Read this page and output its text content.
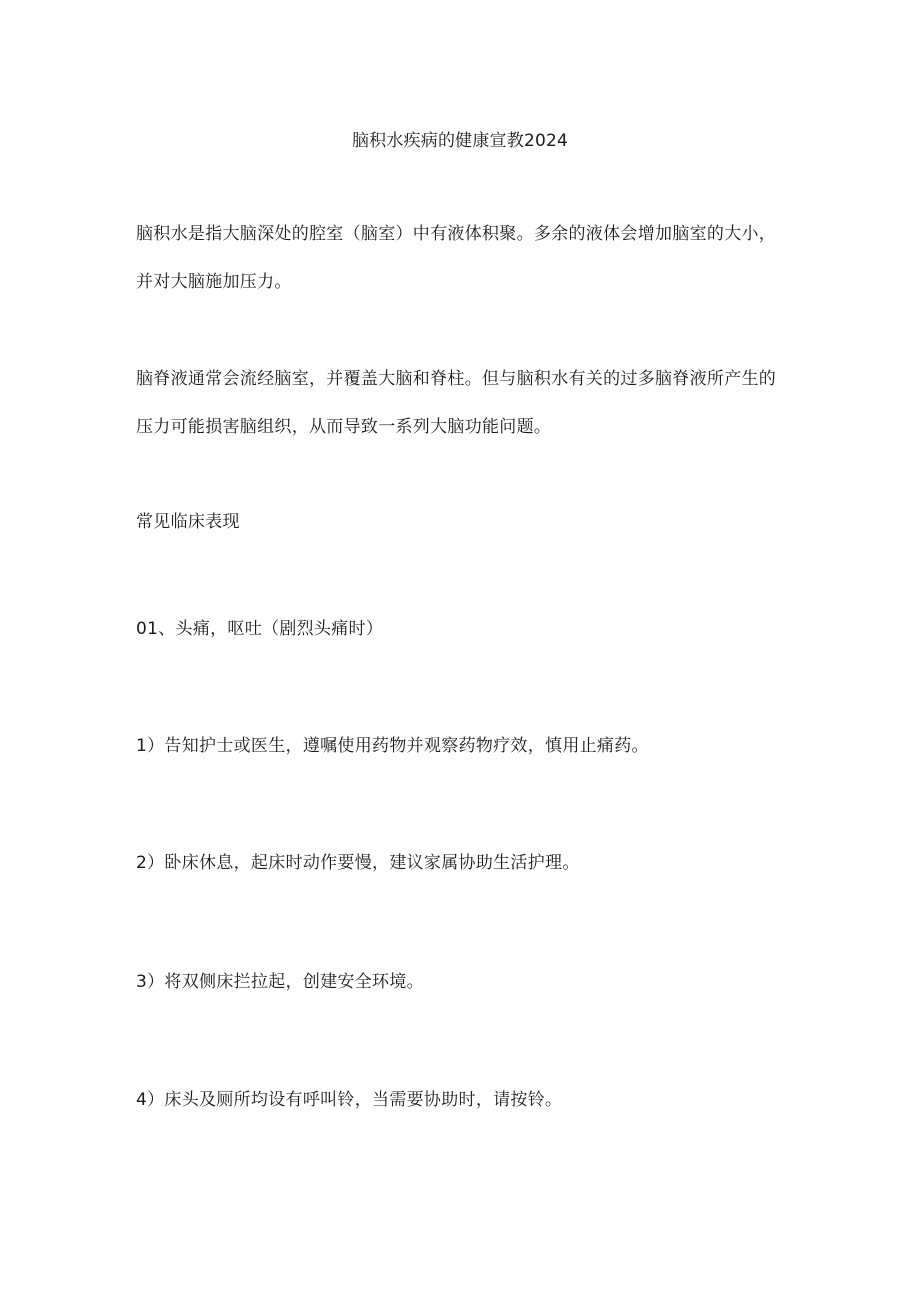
脑积水疾病的健康宣教2024

脑积水是指大脑深处的腔室（脑室）中有液体积聚。多余的液体会增加脑室的大小，并对大脑施加压力。

脑脊液通常会流经脑室，并覆盖大脑和脊柱。但与脑积水有关的过多脑脊液所产生的压力可能损害脑组织，从而导致一系列大脑功能问题。

常见临床表现
01、头痛，呕吐（剧烈头痛时）
1）告知护士或医生，遵嘱使用药物并观察药物疗效，慎用止痛药。
2）卧床休息，起床时动作要慢，建议家属协助生活护理。
3）将双侧床拦拉起，创建安全环境。
4）床头及厕所均设有呼叫铃，当需要协助时，请按铃。
